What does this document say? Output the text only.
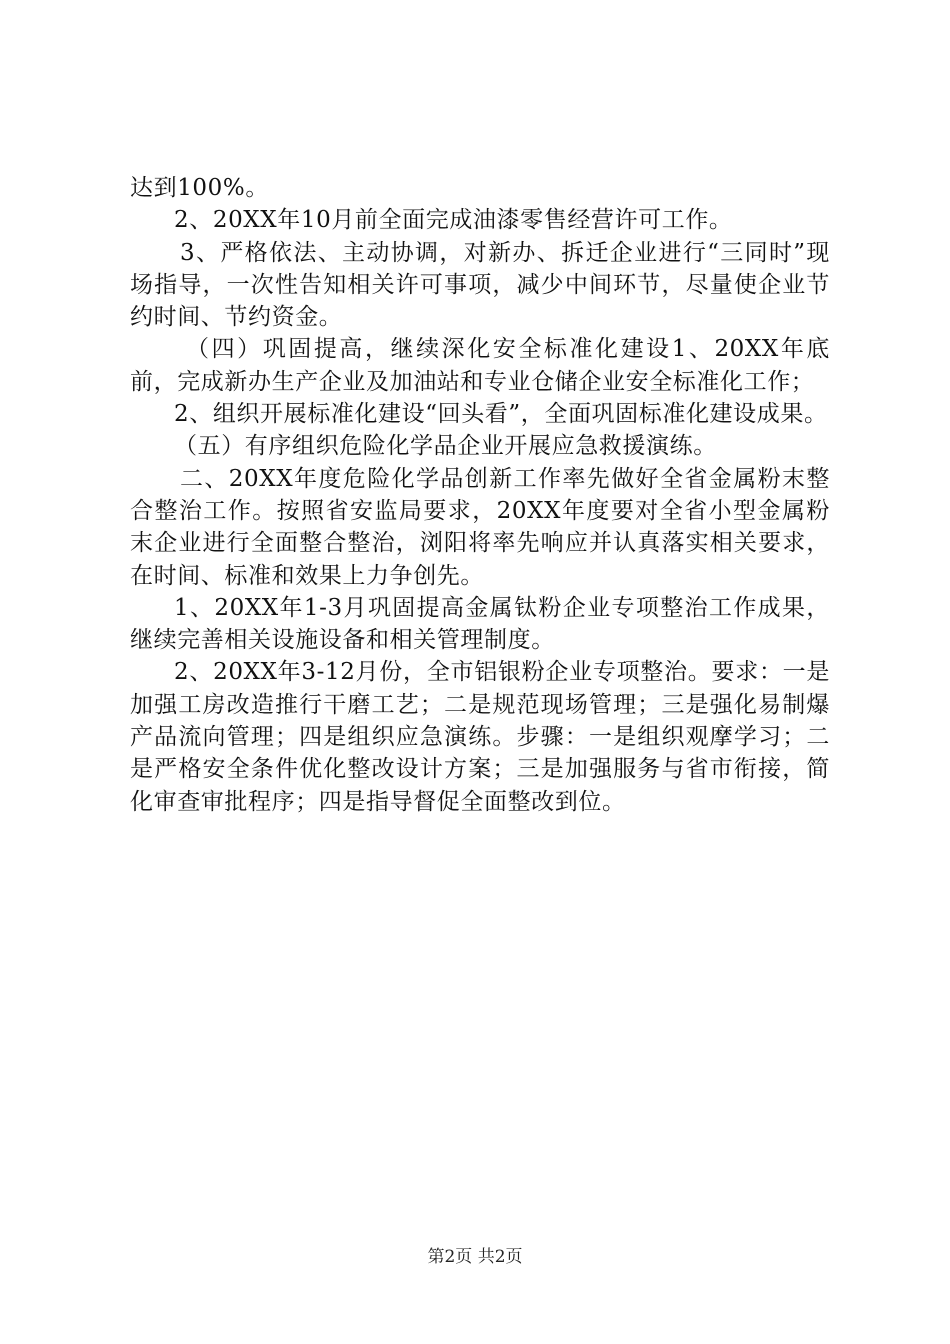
达到100%。

2、20XX年10月前全面完成油漆零售经营许可工作。

3、严格依法、主动协调，对新办、拆迁企业进行“三同时”现场指导，一次性告知相关许可事项，减少中间环节，尽量使企业节约时间、节约资金。

（四）巩固提高，继续深化安全标准化建设1、20XX年底前，完成新办生产企业及加油站和专业仓储企业安全标准化工作；

2、组织开展标准化建设“回头看”，全面巩固标准化建设成果。

（五）有序组织危险化学品企业开展应急救援演练。

二、20XX年度危险化学品创新工作率先做好全省金属粉末整合整治工作。按照省安监局要求，20XX年度要对全省小型金属粉末企业进行全面整合整治，浏阳将率先响应并认真落实相关要求，在时间、标准和效果上力争创先。

1、20XX年1-3月巩固提高金属钛粉企业专项整治工作成果，继续完善相关设施设备和相关管理制度。

2、20XX年3-12月份，全市铝银粉企业专项整治。要求：一是加强工房改造推行干磨工艺；二是规范现场管理；三是强化易制爆产品流向管理；四是组织应急演练。步骤：一是组织观摩学习；二是严格安全条件优化整改设计方案；三是加强服务与省市衔接，简化审查审批程序；四是指导督促全面整改到位。

第2页 共2页
